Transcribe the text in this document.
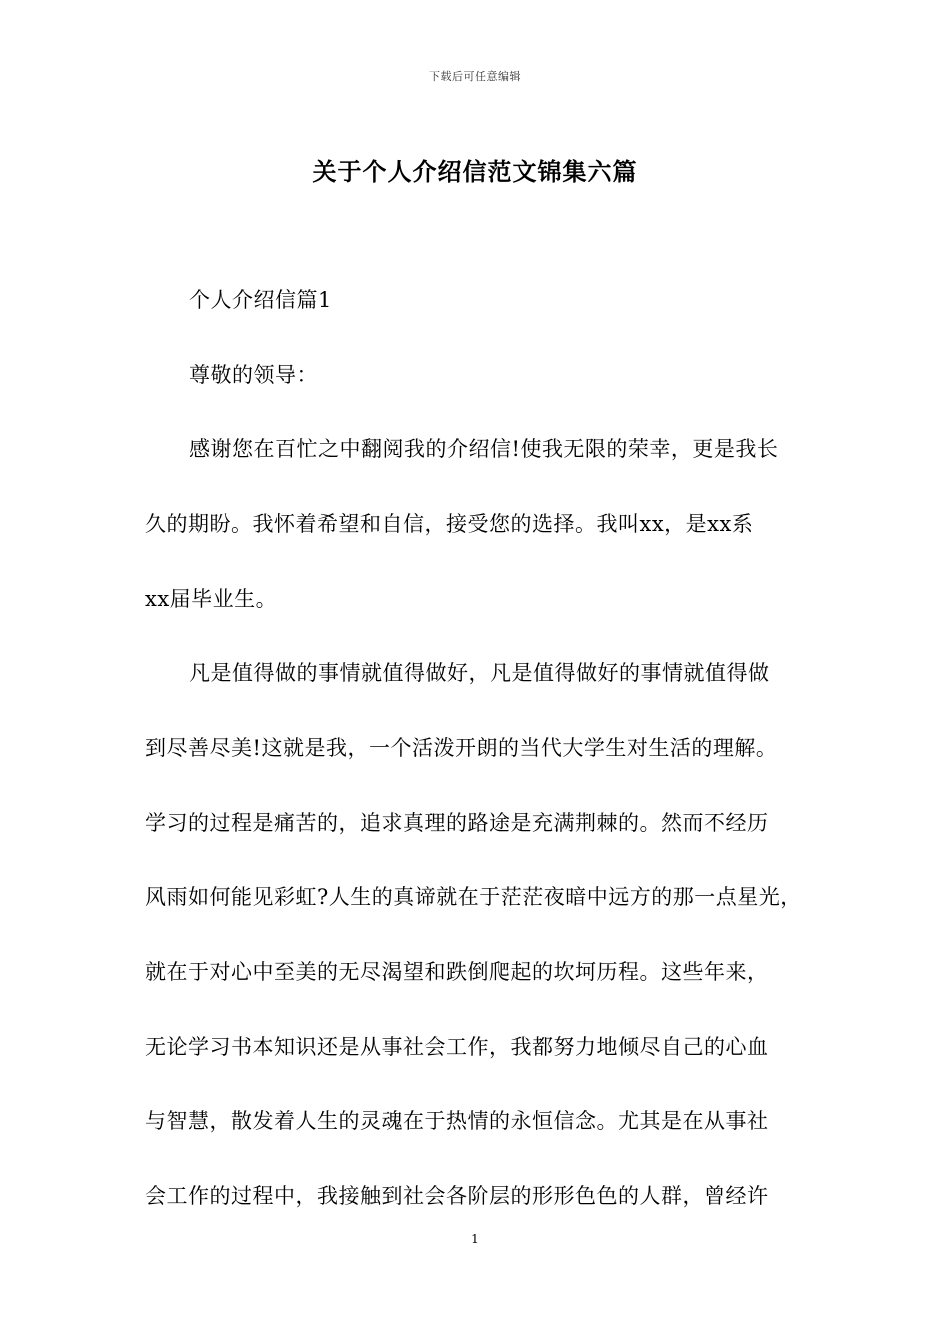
下载后可任意编辑
关于个人介绍信范文锦集六篇
个人介绍信篇1
尊敬的领导：
感谢您在百忙之中翻阅我的介绍信!使我无限的荣幸，更是我长
久的期盼。我怀着希望和自信，接受您的选择。我叫xx，是xx系
xx届毕业生。
凡是值得做的事情就值得做好，凡是值得做好的事情就值得做
到尽善尽美!这就是我，一个活泼开朗的当代大学生对生活的理解。
学习的过程是痛苦的，追求真理的路途是充满荆棘的。然而不经历
风雨如何能见彩虹?人生的真谛就在于茫茫夜暗中远方的那一点星光，
就在于对心中至美的无尽渴望和跌倒爬起的坎坷历程。这些年来，
无论学习书本知识还是从事社会工作，我都努力地倾尽自己的心血
与智慧，散发着人生的灵魂在于热情的永恒信念。尤其是在从事社
会工作的过程中，我接触到社会各阶层的形形色色的人群，曾经许
1
